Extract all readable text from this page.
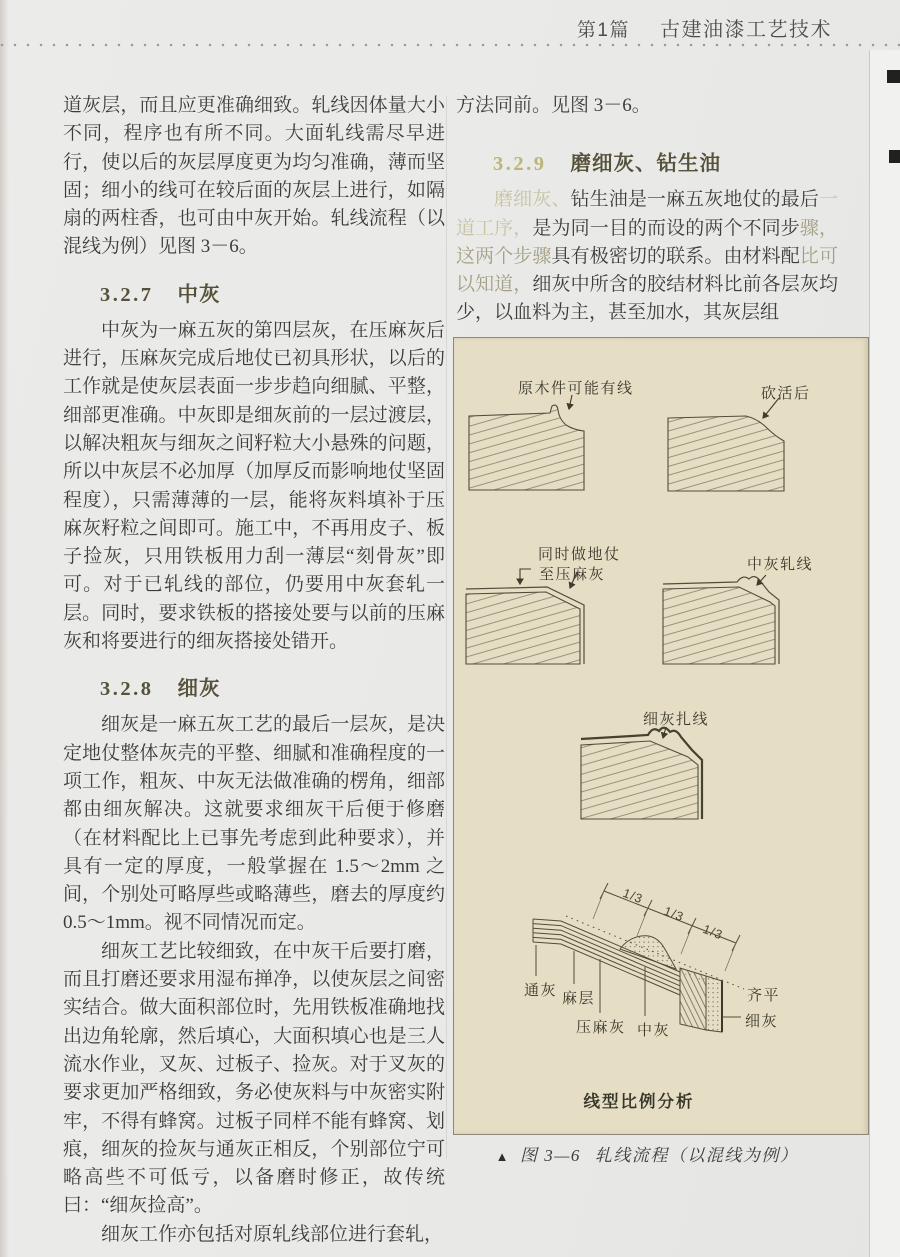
第1篇 古建油漆工艺技术

道灰层，而且应更准确细致。轧线因体量大小不同，程序也有所不同。大面轧线需尽早进行，使以后的灰层厚度更为均匀准确，薄而坚固；细小的线可在较后面的灰层上进行，如隔扇的两柱香，也可由中灰开始。轧线流程（以混线为例）见图 3－6。

3.2.7 中灰

中灰为一麻五灰的第四层灰，在压麻灰后进行，压麻灰完成后地仗已初具形状，以后的工作就是使灰层表面一步步趋向细腻、平整，细部更准确。中灰即是细灰前的一层过渡层，以解决粗灰与细灰之间籽粒大小悬殊的问题，所以中灰层不必加厚（加厚反而影响地仗坚固程度），只需薄薄的一层，能将灰料填补于压麻灰籽粒之间即可。施工中，不再用皮子、板子捡灰，只用铁板用力刮一薄层“刻骨灰”即可。对于已轧线的部位，仍要用中灰套轧一层。同时，要求铁板的搭接处要与以前的压麻灰和将要进行的细灰搭接处错开。

3.2.8 细灰

细灰是一麻五灰工艺的最后一层灰，是决定地仗整体灰壳的平整、细腻和准确程度的一项工作，粗灰、中灰无法做准确的楞角，细部都由细灰解决。这就要求细灰干后便于修磨（在材料配比上已事先考虑到此种要求），并具有一定的厚度，一般掌握在 1.5～2mm 之间，个别处可略厚些或略薄些，磨去的厚度约 0.5～1mm。视不同情况而定。

细灰工艺比较细致，在中灰干后要打磨，而且打磨还要求用湿布掸净，以使灰层之间密实结合。做大面积部位时，先用铁板准确地找出边角轮廓，然后填心，大面积填心也是三人流水作业，叉灰、过板子、捡灰。对于叉灰的要求更加严格细致，务必使灰料与中灰密实附牢，不得有蜂窝。过板子同样不能有蜂窝、划痕，细灰的捡灰与通灰正相反，个别部位宁可略高些不可低亏，以备磨时修正，故传统曰：“细灰捡高”。

细灰工作亦包括对原轧线部位进行套轧，

方法同前。见图 3－6。

3.2.9 磨细灰、钻生油

磨细灰、钻生油是一麻五灰地仗的最后一道工序，是为同一目的而设的两个不同步骤，这两个步骤具有极密切的联系。由材料配比可以知道，细灰中所含的胶结材料比前各层灰均少，以血料为主，甚至加水，其灰层组

原木件可能有线	砍活后
同时做地仗
至压麻灰
中灰轧线
细灰扎线
1/3
1/3
1/3
通灰 麻层
压麻灰 中灰
齐平
细灰
线型比例分析
▲ 图 3—6 轧线流程（以混线为例）
